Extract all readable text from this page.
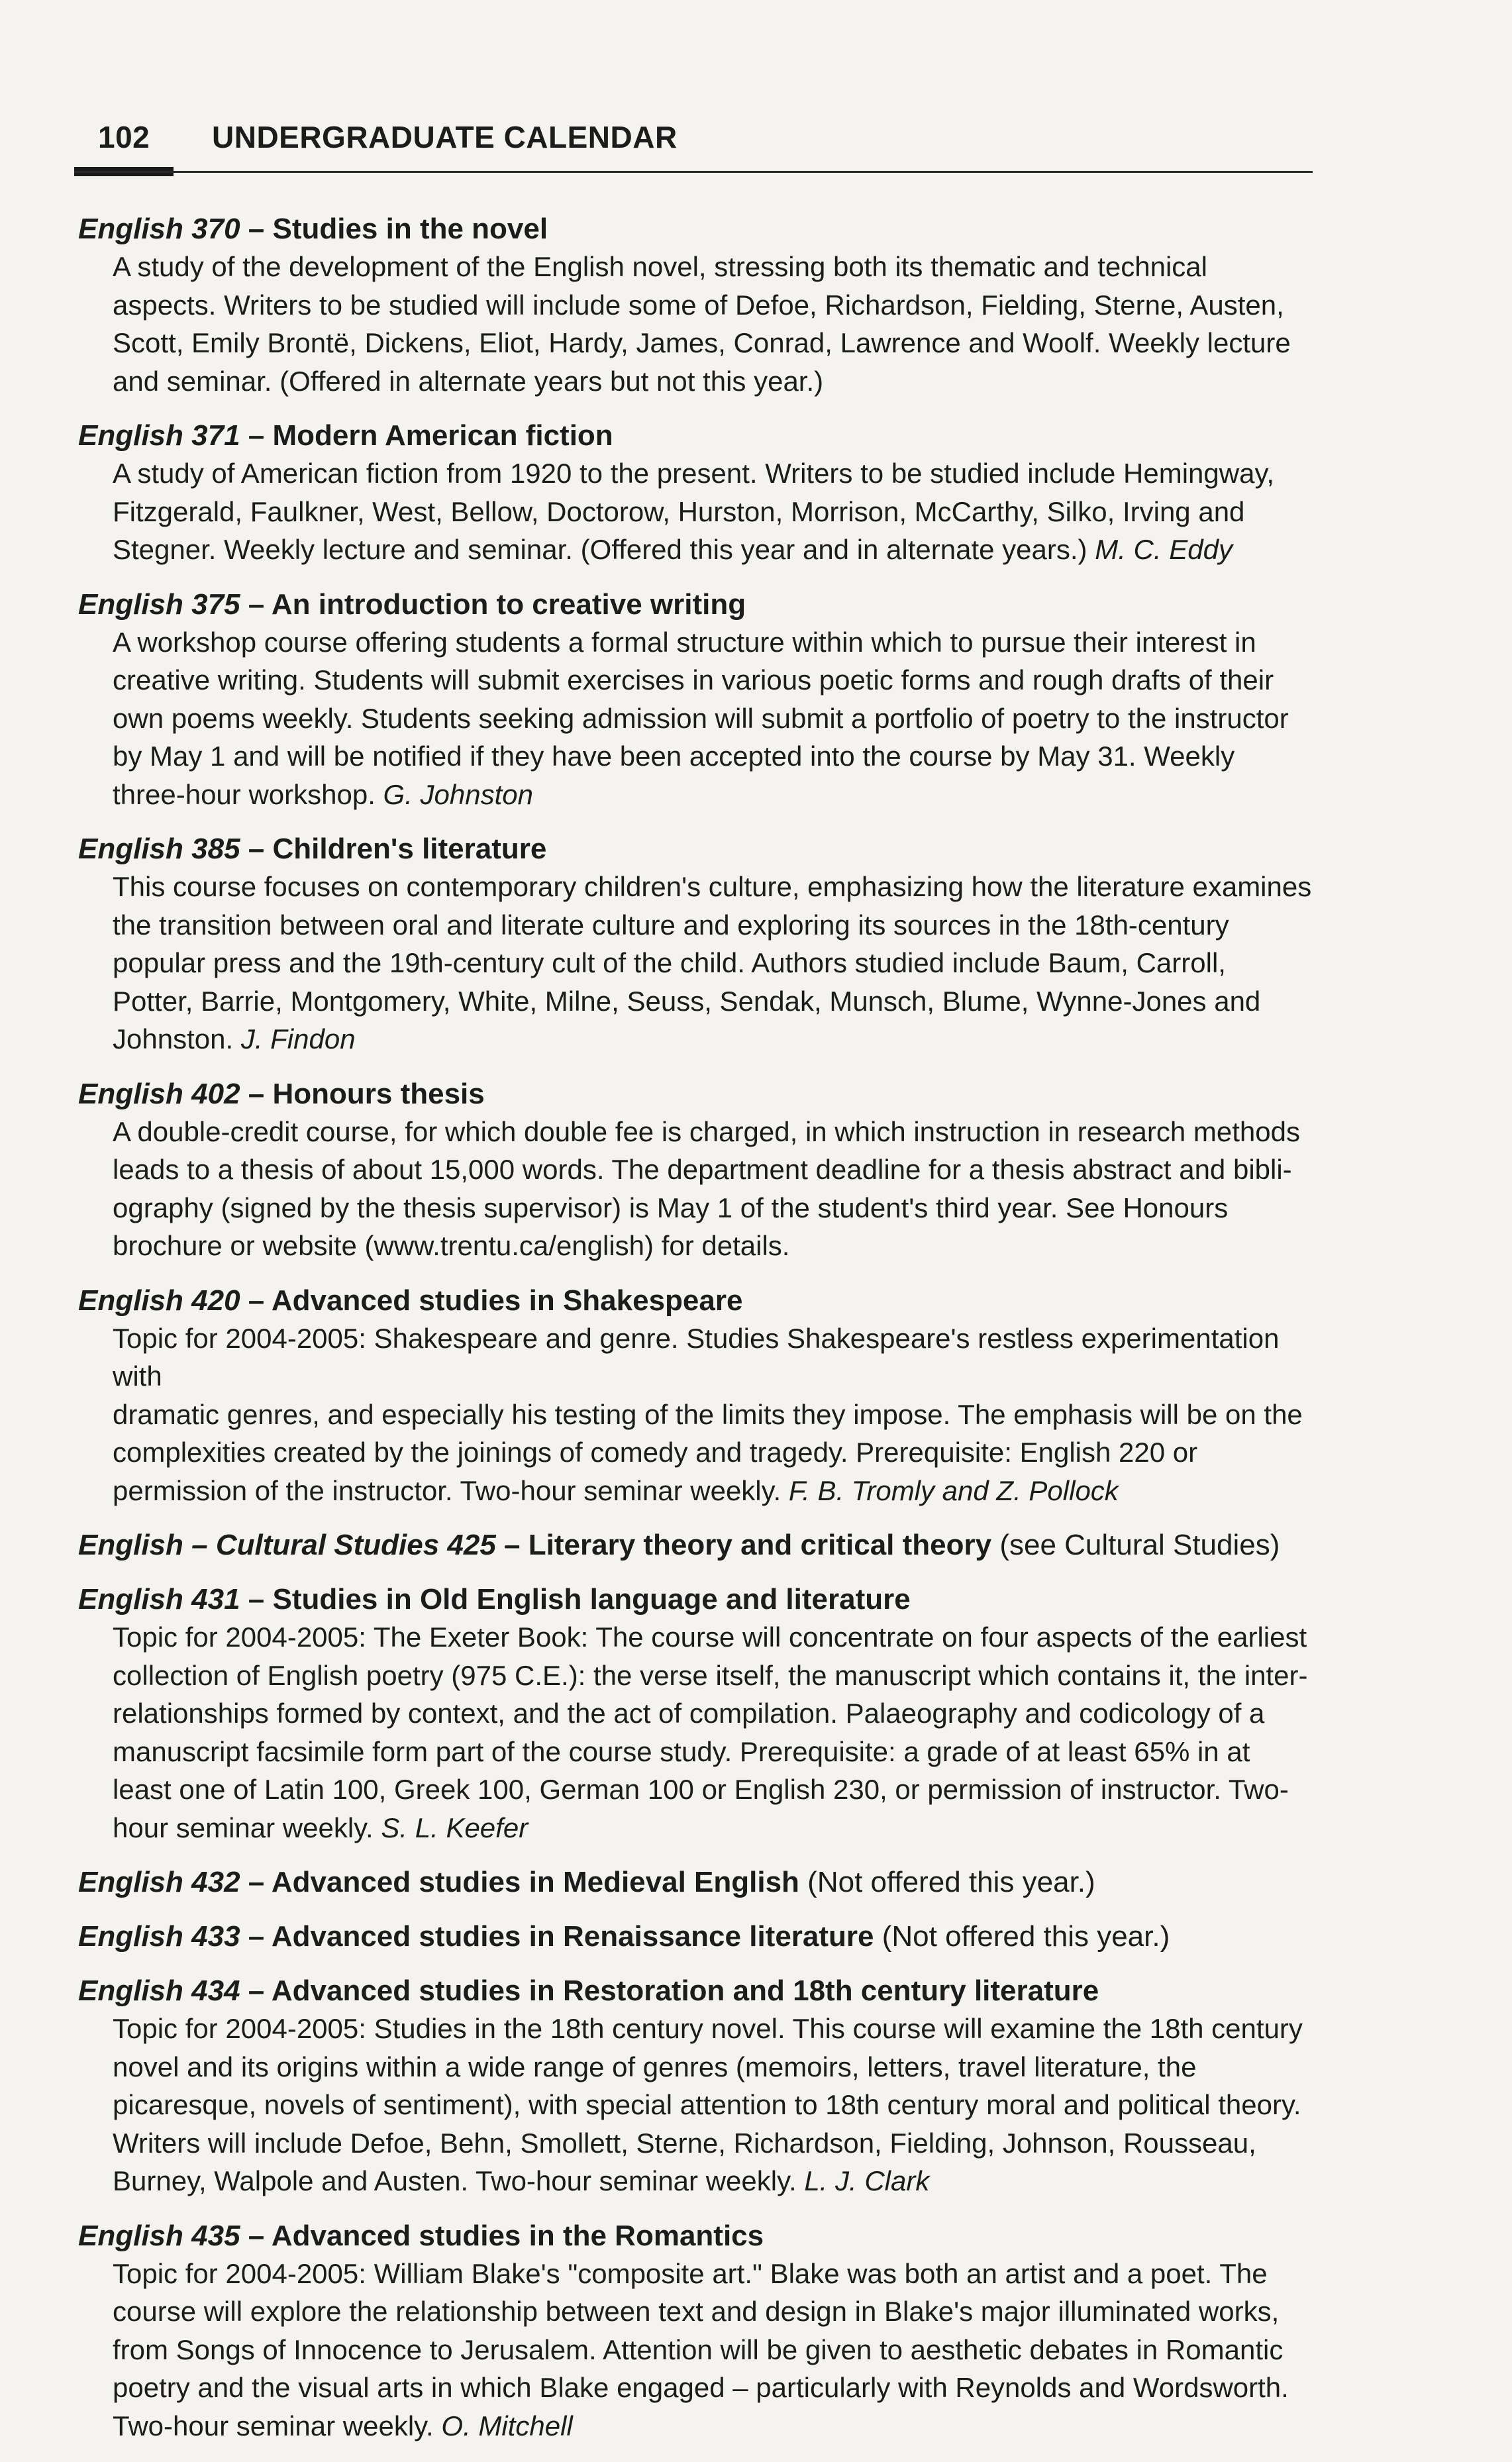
102 UNDERGRADUATE CALENDAR
English 370 – Studies in the novel
A study of the development of the English novel, stressing both its thematic and technical
aspects. Writers to be studied will include some of Defoe, Richardson, Fielding, Sterne, Austen,
Scott, Emily Brontë, Dickens, Eliot, Hardy, James, Conrad, Lawrence and Woolf. Weekly lecture
and seminar. (Offered in alternate years but not this year.)
English 371 – Modern American fiction
A study of American fiction from 1920 to the present. Writers to be studied include Hemingway,
Fitzgerald, Faulkner, West, Bellow, Doctorow, Hurston, Morrison, McCarthy, Silko, Irving and
Stegner. Weekly lecture and seminar. (Offered this year and in alternate years.) M. C. Eddy
English 375 – An introduction to creative writing
A workshop course offering students a formal structure within which to pursue their interest in
creative writing. Students will submit exercises in various poetic forms and rough drafts of their
own poems weekly. Students seeking admission will submit a portfolio of poetry to the instructor
by May 1 and will be notified if they have been accepted into the course by May 31. Weekly
three-hour workshop. G. Johnston
English 385 – Children's literature
This course focuses on contemporary children's culture, emphasizing how the literature examines
the transition between oral and literate culture and exploring its sources in the 18th-century
popular press and the 19th-century cult of the child. Authors studied include Baum, Carroll,
Potter, Barrie, Montgomery, White, Milne, Seuss, Sendak, Munsch, Blume, Wynne-Jones and
Johnston. J. Findon
English 402 – Honours thesis
A double-credit course, for which double fee is charged, in which instruction in research methods
leads to a thesis of about 15,000 words. The department deadline for a thesis abstract and bibli-
ography (signed by the thesis supervisor) is May 1 of the student's third year. See Honours
brochure or website (www.trentu.ca/english) for details.
English 420 – Advanced studies in Shakespeare
Topic for 2004-2005: Shakespeare and genre. Studies Shakespeare's restless experimentation with
dramatic genres, and especially his testing of the limits they impose. The emphasis will be on the
complexities created by the joinings of comedy and tragedy. Prerequisite: English 220 or
permission of the instructor. Two-hour seminar weekly. F. B. Tromly and Z. Pollock
English – Cultural Studies 425 – Literary theory and critical theory (see Cultural Studies)
English 431 – Studies in Old English language and literature
Topic for 2004-2005: The Exeter Book: The course will concentrate on four aspects of the earliest
collection of English poetry (975 C.E.): the verse itself, the manuscript which contains it, the inter-
relationships formed by context, and the act of compilation. Palaeography and codicology of a
manuscript facsimile form part of the course study. Prerequisite: a grade of at least 65% in at
least one of Latin 100, Greek 100, German 100 or English 230, or permission of instructor. Two-
hour seminar weekly. S. L. Keefer
English 432 – Advanced studies in Medieval English (Not offered this year.)
English 433 – Advanced studies in Renaissance literature (Not offered this year.)
English 434 – Advanced studies in Restoration and 18th century literature
Topic for 2004-2005: Studies in the 18th century novel. This course will examine the 18th century
novel and its origins within a wide range of genres (memoirs, letters, travel literature, the
picaresque, novels of sentiment), with special attention to 18th century moral and political theory.
Writers will include Defoe, Behn, Smollett, Sterne, Richardson, Fielding, Johnson, Rousseau,
Burney, Walpole and Austen. Two-hour seminar weekly. L. J. Clark
English 435 – Advanced studies in the Romantics
Topic for 2004-2005: William Blake's "composite art." Blake was both an artist and a poet. The
course will explore the relationship between text and design in Blake's major illuminated works,
from Songs of Innocence to Jerusalem. Attention will be given to aesthetic debates in Romantic
poetry and the visual arts in which Blake engaged – particularly with Reynolds and Wordsworth.
Two-hour seminar weekly. O. Mitchell
